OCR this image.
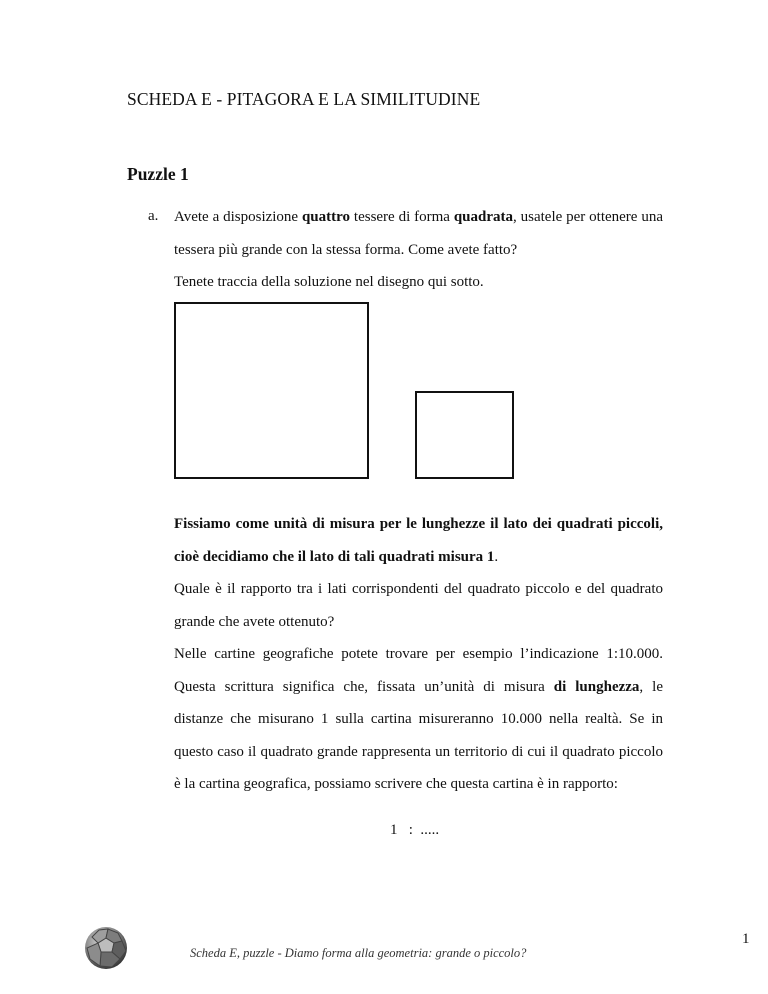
SCHEDA E - PITAGORA E LA SIMILITUDINE
Puzzle 1
a. Avete a disposizione quattro tessere di forma quadrata, usatele per ottenere una tessera più grande con la stessa forma. Come avete fatto?

Tenete traccia della soluzione nel disegno qui sotto.

Fissiamo come unità di misura per le lunghezze il lato dei quadrati piccoli, cioè decidiamo che il lato di tali quadrati misura 1.

Quale è il rapporto tra i lati corrispondenti del quadrato piccolo e del quadrato grande che avete ottenuto?

Nelle cartine geografiche potete trovare per esempio l’indicazione 1:10.000. Questa scrittura significa che, fissata un’unità di misura di lunghezza, le distanze che misurano 1 sulla cartina misureranno 10.000 nella realtà. Se in questo caso il quadrato grande rappresenta un territorio di cui il quadrato piccolo è la cartina geografica, possiamo scrivere che questa cartina è in rapporto:

1   :  .....
Scheda E, puzzle - Diamo forma alla geometria: grande o piccolo?
1
